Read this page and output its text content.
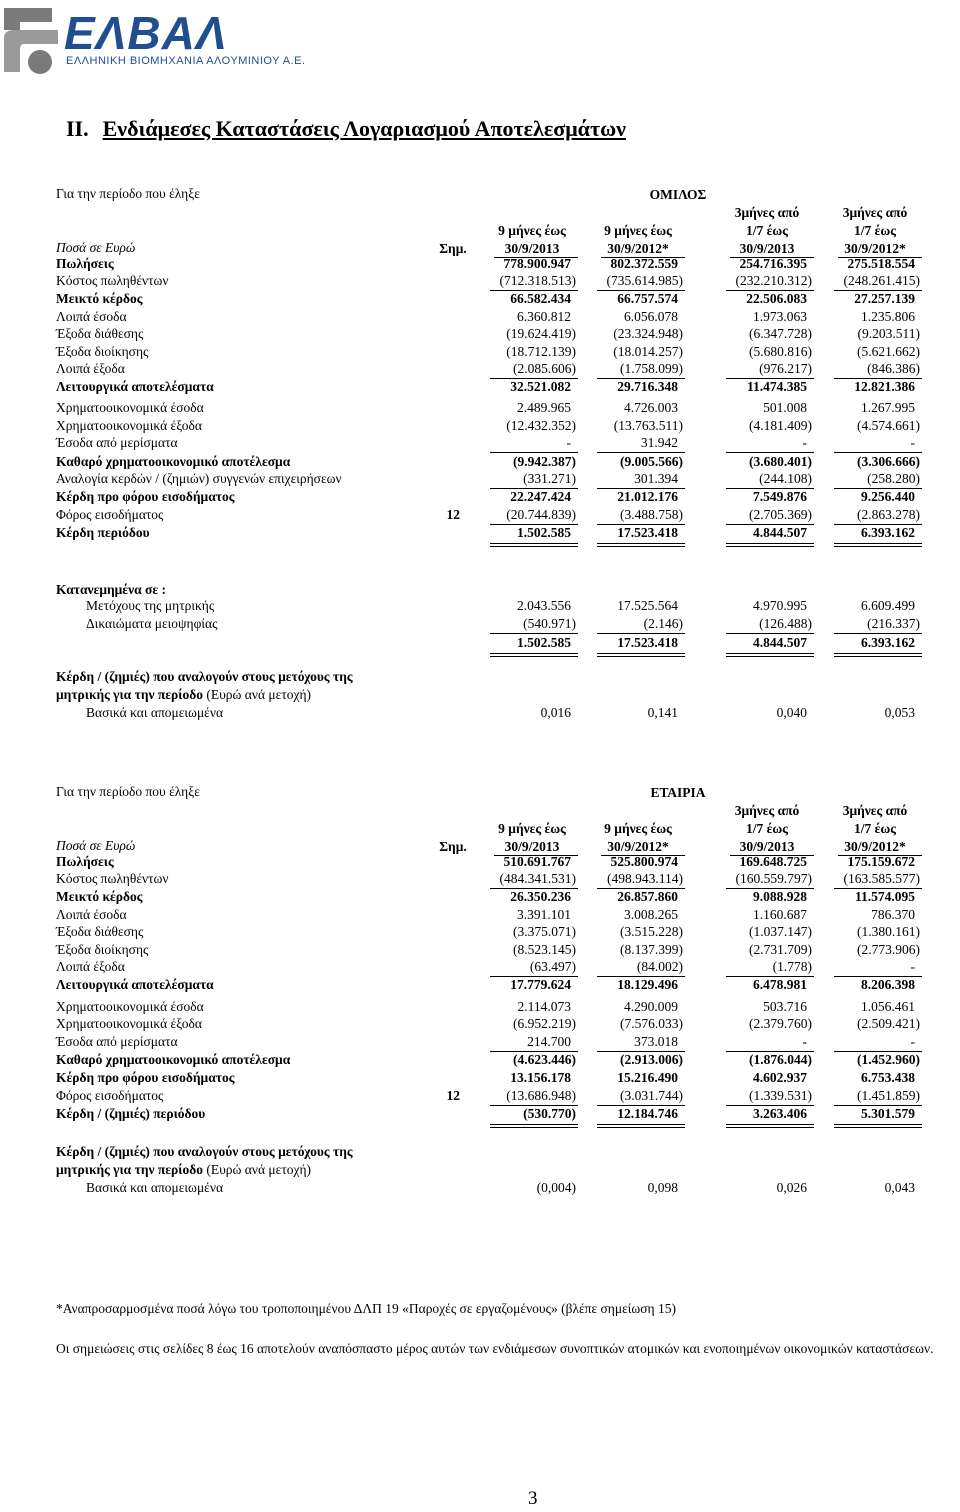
ΕΛΒΑΛ
ΕΛΛΗΝΙΚΗ ΒΙΟΜΗΧΑΝΙΑ ΑΛΟΥΜΙΝΙΟΥ Α.Ε.
II. Ενδιάμεσες Καταστάσεις Λογαριασμού Αποτελεσμάτων
Για την περίοδο που έληξε	ΟΜΙΛΟΣ
9 μήνες έως
30/9/2013
9 μήνες έως
30/9/2012*
3μήνες από
1/7 έως
30/9/2013
3μήνες από
1/7 έως
30/9/2012*
Ποσά σε Ευρώ	Σημ.
Πωλήσεις	778.900.947	802.372.559	254.716.395	275.518.554
Κόστος πωληθέντων	(712.318.513)	(735.614.985)	(232.210.312)	(248.261.415)
Μεικτό κέρδος	66.582.434	66.757.574	22.506.083	27.257.139
Λοιπά έσοδα	6.360.812	6.056.078	1.973.063	1.235.806
Έξοδα διάθεσης	(19.624.419)	(23.324.948)	(6.347.728)	(9.203.511)
Έξοδα διοίκησης	(18.712.139)	(18.014.257)	(5.680.816)	(5.621.662)
Λοιπά έξοδα	(2.085.606)	(1.758.099)	(976.217)	(846.386)
Λειτουργικά αποτελέσματα	32.521.082	29.716.348	11.474.385	12.821.386
Χρηματοοικονομικά έσοδα	2.489.965	4.726.003	501.008	1.267.995
Χρηματοοικονομικά έξοδα	(12.432.352)	(13.763.511)	(4.181.409)	(4.574.661)
Έσοδα από μερίσματα	-	31.942	-	-
Καθαρό χρηματοοικονομικό αποτέλεσμα	(9.942.387)	(9.005.566)	(3.680.401)	(3.306.666)
Αναλογία κερδών / (ζημιών) συγγενών επιχειρήσεων	(331.271)	301.394	(244.108)	(258.280)
Κέρδη προ φόρου εισοδήματος	22.247.424	21.012.176	7.549.876	9.256.440
Φόρος εισοδήματος	12	(20.744.839)	(3.488.758)	(2.705.369)	(2.863.278)
Κέρδη περιόδου	1.502.585	17.523.418	4.844.507	6.393.162
Κατανεμημένα σε :
Μετόχους της μητρικής	2.043.556	17.525.564	4.970.995	6.609.499
Δικαιώματα μειοψηφίας	(540.971)	(2.146)	(126.488)	(216.337)
1.502.585	17.523.418	4.844.507	6.393.162
Κέρδη / (ζημιές) που αναλογούν στους μετόχους της
μητρικής για την περίοδο (Ευρώ ανά μετοχή)
Βασικά και απομειωμένα	0,016	0,141	0,040	0,053
Για την περίοδο που έληξε	ΕΤΑΙΡΙΑ
9 μήνες έως
30/9/2013
9 μήνες έως
30/9/2012*
3μήνες από
1/7 έως
30/9/2013
3μήνες από
1/7 έως
30/9/2012*
Ποσά σε Ευρώ	Σημ.
Πωλήσεις	510.691.767	525.800.974	169.648.725	175.159.672
Κόστος πωληθέντων	(484.341.531)	(498.943.114)	(160.559.797)	(163.585.577)
Μεικτό κέρδος	26.350.236	26.857.860	9.088.928	11.574.095
Λοιπά έσοδα	3.391.101	3.008.265	1.160.687	786.370
Έξοδα διάθεσης	(3.375.071)	(3.515.228)	(1.037.147)	(1.380.161)
Έξοδα διοίκησης	(8.523.145)	(8.137.399)	(2.731.709)	(2.773.906)
Λοιπά έξοδα	(63.497)	(84.002)	(1.778)	-
Λειτουργικά αποτελέσματα	17.779.624	18.129.496	6.478.981	8.206.398
Χρηματοοικονομικά έσοδα	2.114.073	4.290.009	503.716	1.056.461
Χρηματοοικονομικά έξοδα	(6.952.219)	(7.576.033)	(2.379.760)	(2.509.421)
Έσοδα από μερίσματα	214.700	373.018	-	-
Καθαρό χρηματοοικονομικό αποτέλεσμα	(4.623.446)	(2.913.006)	(1.876.044)	(1.452.960)
Κέρδη προ φόρου εισοδήματος	13.156.178	15.216.490	4.602.937	6.753.438
Φόρος εισοδήματος	12	(13.686.948)	(3.031.744)	(1.339.531)	(1.451.859)
Κέρδη / (ζημιές) περιόδου	(530.770)	12.184.746	3.263.406	5.301.579
Κέρδη / (ζημιές) που αναλογούν στους μετόχους της
μητρικής για την περίοδο (Ευρώ ανά μετοχή)
Βασικά και απομειωμένα	(0,004)	0,098	0,026	0,043
*Αναπροσαρμοσμένα ποσά λόγω του τροποποιημένου ΔΛΠ 19 «Παροχές σε εργαζομένους» (βλέπε σημείωση 15)
Οι σημειώσεις στις σελίδες 8 έως 16 αποτελούν αναπόσπαστο μέρος αυτών των ενδιάμεσων συνοπτικών ατομικών και ενοποιημένων οικονομικών καταστάσεων.
3
